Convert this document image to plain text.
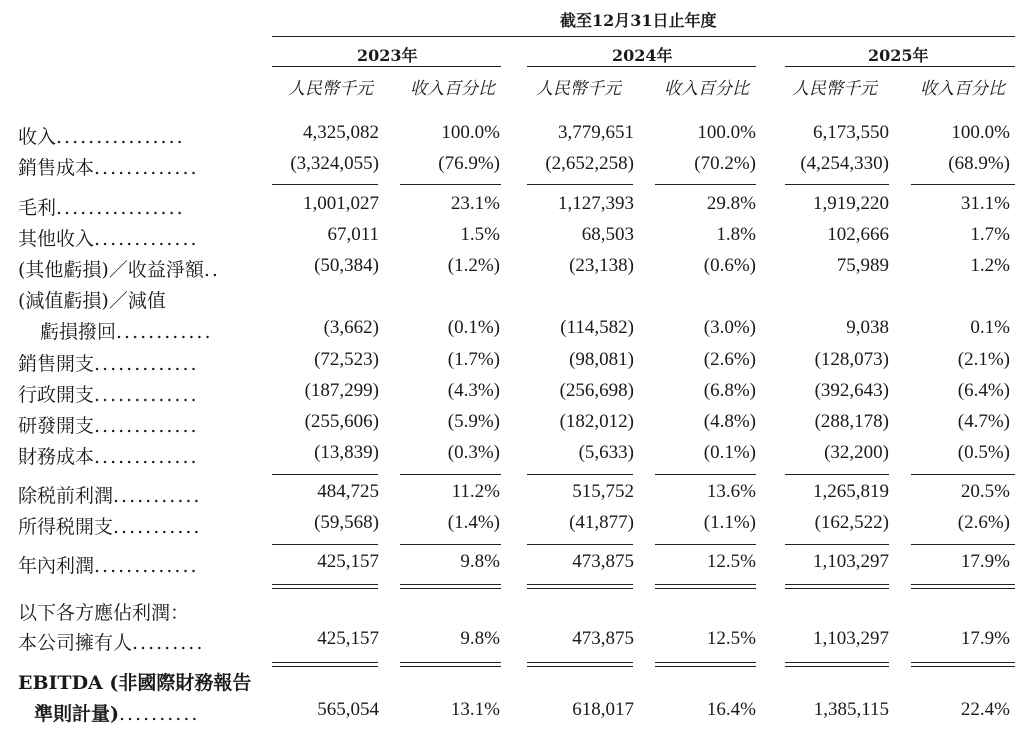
截至12月31日止年度
2023年	2024年	2025年
人民幣千元 收入百分比 人民幣千元	收入百分比	人民幣千元	收入百分比
收入................	4,325,082	100.0%	3,779,651	100.0%	6,173,550	100.0%
銷售成本.............	(3,324,055)	(76.9%) (2,652,258)	(70.2%) (4,254,330)	(68.9%)
毛利................	1,001,027	23.1%	1,127,393	29.8%	1,919,220	31.1%
其他收入.............	67,011	1.5%	68,503	1.8%	102,666	1.7%
(其他虧損)／收益淨額..	(50,384)	(1.2%)	(23,138)	(0.6%)	75,989	1.2%
(減值虧損)／減值
虧損撥回............	(3,662)	(0.1%)	(114,582)	(3.0%)	9,038	0.1%
銷售開支.............	(72,523)	(1.7%)	(98,081)	(2.6%)	(128,073)	(2.1%)
行政開支.............	(187,299)	(4.3%)	(256,698)	(6.8%)	(392,643)	(6.4%)
研發開支.............	(255,606)	(5.9%)	(182,012)	(4.8%)	(288,178)	(4.7%)
財務成本.............	(13,839)	(0.3%)	(5,633)	(0.1%)	(32,200)	(0.5%)
除税前利潤...........	484,725	11.2%	515,752	13.6%	1,265,819	20.5%
所得税開支...........	(59,568)	(1.4%)	(41,877)	(1.1%)	(162,522)	(2.6%)
年內利潤.............	425,157	9.8%	473,875	12.5%	1,103,297	17.9%
以下各方應佔利潤：
本公司擁有人.........	425,157	9.8%	473,875	12.5%	1,103,297	17.9%
EBITDA (非國際財務報告
準則計量)..........	565,054	13.1%	618,017	16.4%	1,385,115	22.4%
